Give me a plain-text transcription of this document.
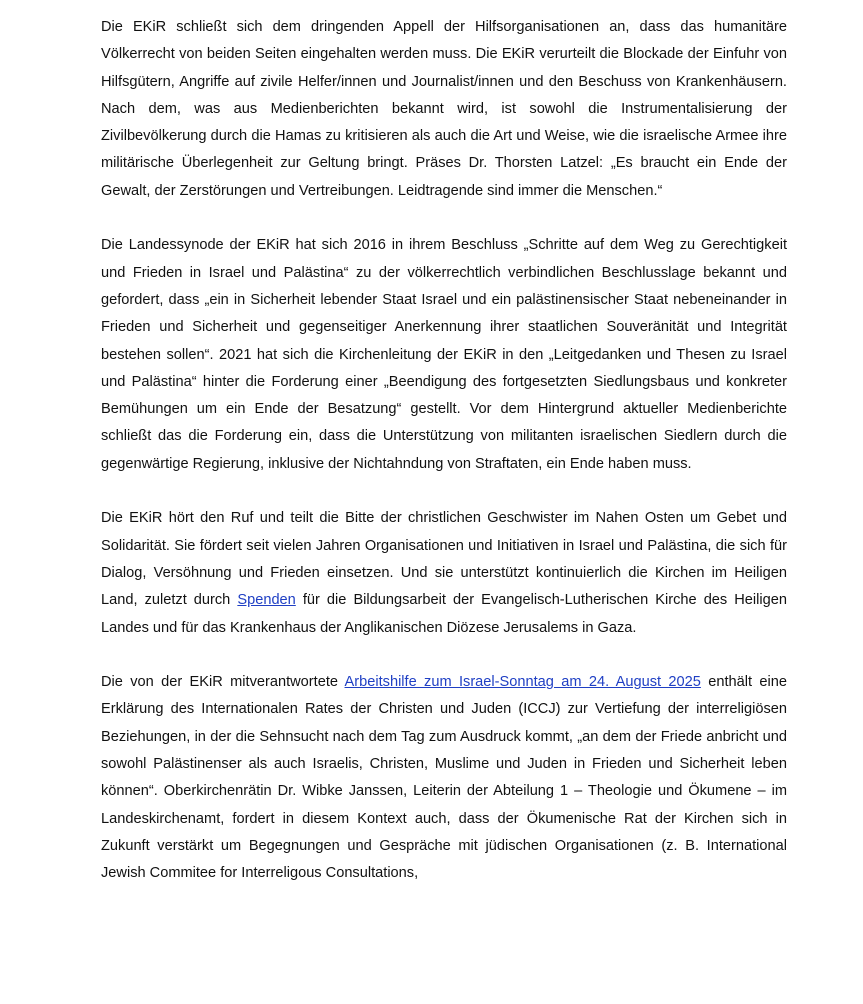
Die EKiR schließt sich dem dringenden Appell der Hilfsorganisationen an, dass das humanitäre Völkerrecht von beiden Seiten eingehalten werden muss. Die EKiR verurteilt die Blockade der Einfuhr von Hilfsgütern, Angriffe auf zivile Helfer/innen und Journalist/innen und den Beschuss von Krankenhäusern. Nach dem, was aus Medienberichten bekannt wird, ist sowohl die Instrumentalisierung der Zivilbevölkerung durch die Hamas zu kritisieren als auch die Art und Weise, wie die israelische Armee ihre militärische Überlegenheit zur Geltung bringt. Präses Dr. Thorsten Latzel: „Es braucht ein Ende der Gewalt, der Zerstörungen und Vertreibungen. Leidtragende sind immer die Menschen.“

Die Landessynode der EKiR hat sich 2016 in ihrem Beschluss „Schritte auf dem Weg zu Gerechtigkeit und Frieden in Israel und Palästina“ zu der völkerrechtlich verbindlichen Beschlusslage bekannt und gefordert, dass „ein in Sicherheit lebender Staat Israel und ein palästinensischer Staat nebeneinander in Frieden und Sicherheit und gegenseitiger Anerkennung ihrer staatlichen Souveränität und Integrität bestehen sollen“. 2021 hat sich die Kirchenleitung der EKiR in den „Leitgedanken und Thesen zu Israel und Palästina“ hinter die Forderung einer „Beendigung des fortgesetzten Siedlungsbaus und konkreter Bemühungen um ein Ende der Besatzung“ gestellt. Vor dem Hintergrund aktueller Medienberichte schließt das die Forderung ein, dass die Unterstützung von militanten israelischen Siedlern durch die gegenwärtige Regierung, inklusive der Nichtahndung von Straftaten, ein Ende haben muss.

Die EKiR hört den Ruf und teilt die Bitte der christlichen Geschwister im Nahen Osten um Gebet und Solidarität. Sie fördert seit vielen Jahren Organisationen und Initiativen in Israel und Palästina, die sich für Dialog, Versöhnung und Frieden einsetzen. Und sie unterstützt kontinuierlich die Kirchen im Heiligen Land, zuletzt durch Spenden für die Bildungsarbeit der Evangelisch-Lutherischen Kirche des Heiligen Landes und für das Krankenhaus der Anglikanischen Diözese Jerusalems in Gaza.

Die von der EKiR mitverantwortete Arbeitshilfe zum Israel-Sonntag am 24. August 2025 enthält eine Erklärung des Internationalen Rates der Christen und Juden (ICCJ) zur Vertiefung der interreligiösen Beziehungen, in der die Sehnsucht nach dem Tag zum Ausdruck kommt, „an dem der Friede anbricht und sowohl Palästinenser als auch Israelis, Christen, Muslime und Juden in Frieden und Sicherheit leben können“. Oberkirchenrätin Dr. Wibke Janssen, Leiterin der Abteilung 1 – Theologie und Ökumene – im Landeskirchenamt, fordert in diesem Kontext auch, dass der Ökumenische Rat der Kirchen sich in Zukunft verstärkt um Begegnungen und Gespräche mit jüdischen Organisationen (z. B. International Jewish Commitee for Interreligous Consultations,
